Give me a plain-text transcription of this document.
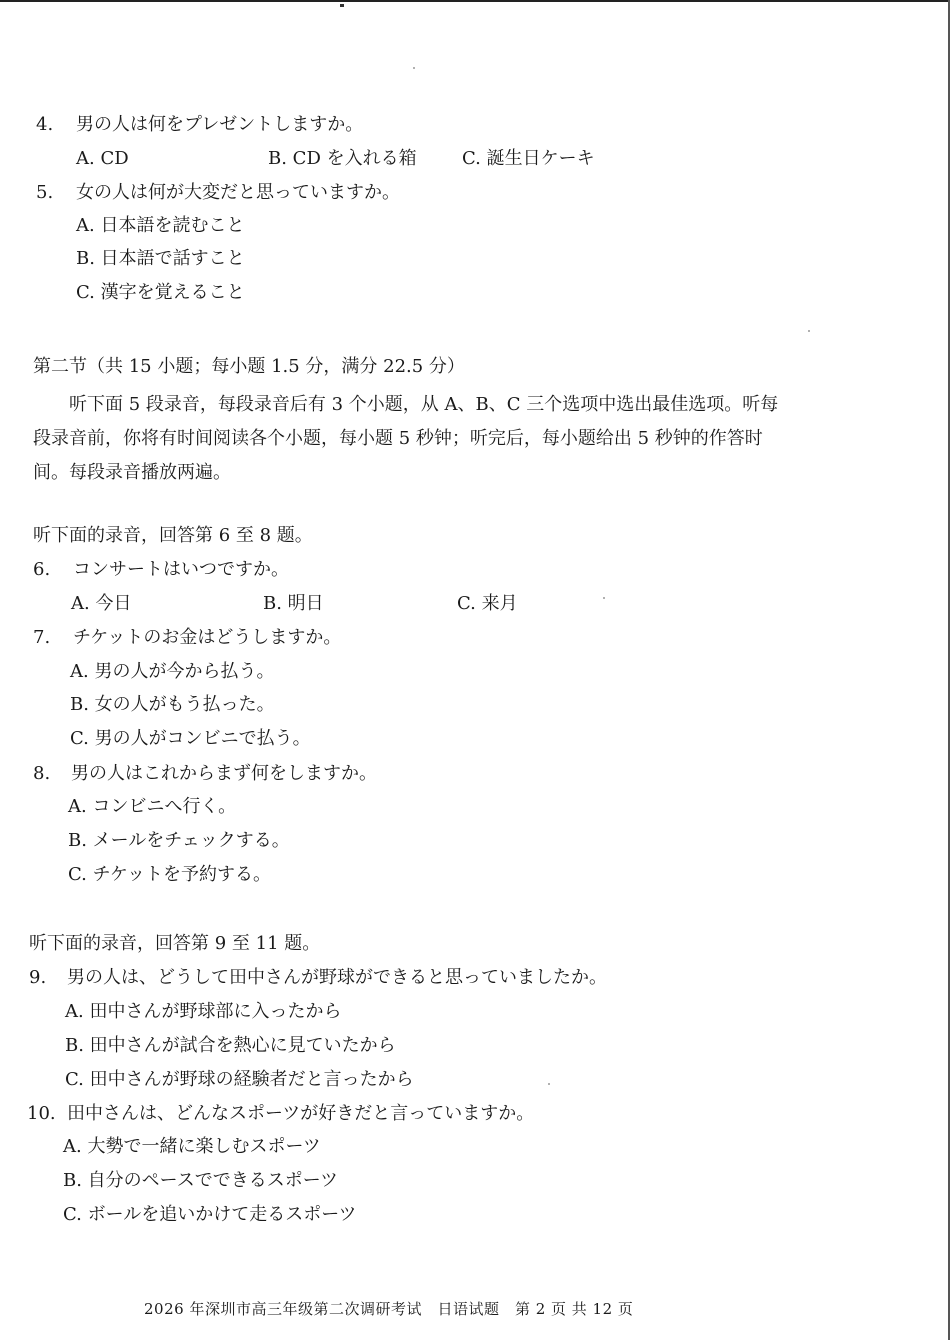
4. 男の人は何をプレゼントしますか。
A. CD	B. CD を入れる箱	C. 誕生日ケーキ
5. 女の人は何が大変だと思っていますか。
A. 日本語を読むこと
B. 日本語で話すこと
C. 漢字を覚えること
第二节（共 15 小题；每小题 1.5 分，满分 22.5 分）
听下面 5 段录音，每段录音后有 3 个小题，从 A、B、C 三个选项中选出最佳选项。听每段录音前，你将有时间阅读各个小题，每小题 5 秒钟；听完后，每小题给出 5 秒钟的作答时间。每段录音播放两遍。
听下面的录音，回答第 6 至 8 题。
6. コンサートはいつですか。
A. 今日	B. 明日	C. 来月
7. チケットのお金はどうしますか。
A. 男の人が今から払う。
B. 女の人がもう払った。
C. 男の人がコンビニで払う。
8. 男の人はこれからまず何をしますか。
A. コンビニへ行く。
B. メールをチェックする。
C. チケットを予約する。
听下面的录音，回答第 9 至 11 题。
9. 男の人は、どうして田中さんが野球ができると思っていましたか。
A. 田中さんが野球部に入ったから
B. 田中さんが試合を熱心に見ていたから
C. 田中さんが野球の経験者だと言ったから
10. 田中さんは、どんなスポーツが好きだと言っていますか。
A. 大勢で一緒に楽しむスポーツ
B. 自分のペースでできるスポーツ
C. ボールを追いかけて走るスポーツ
2026 年深圳市高三年级第二次调研考试　日语试题　第 2 页 共 12 页
